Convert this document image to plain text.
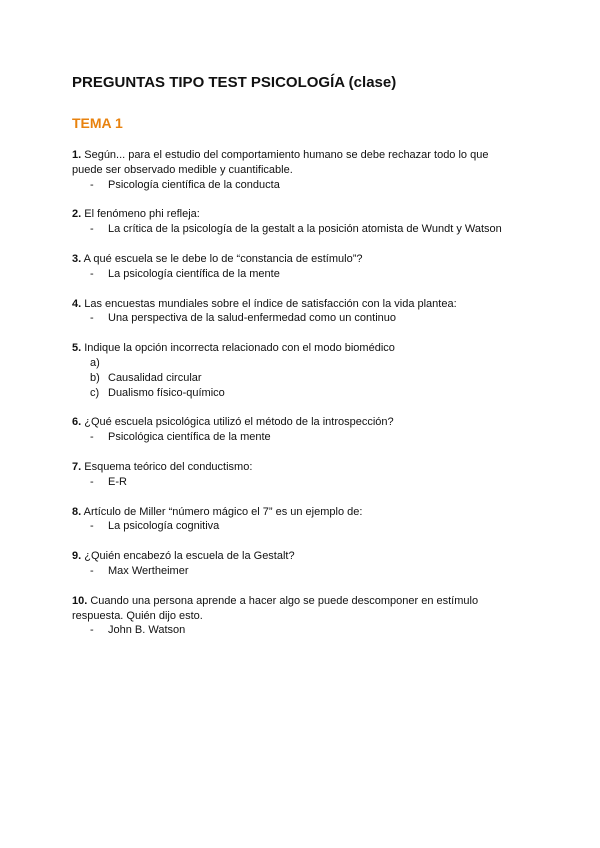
PREGUNTAS TIPO TEST PSICOLOGÍA (clase)
TEMA 1

1. Según... para el estudio del comportamiento humano se debe rechazar todo lo que puede ser observado medible y cuantificable.

- Psicología científica de la conducta

2. El fenómeno phi refleja:

- La crítica de la psicología de la gestalt a la posición atomista de Wundt y Watson

3. A qué escuela se le debe lo de “constancia de estímulo”?

- La psicología científica de la mente

4. Las encuestas mundiales sobre el índice de satisfacción con la vida plantea:

- Una perspectiva de la salud-enfermedad como un continuo

5. Indique la opción incorrecta relacionado con el modo biomédico

a)
b) Causalidad circular
c) Dualismo físico-químico

6. ¿Qué escuela psicológica utilizó el método de la introspección?

- Psicológica científica de la mente

7. Esquema teórico del conductismo:

- E-R

8. Artículo de Miller “número mágico el 7” es un ejemplo de:

- La psicología cognitiva

9. ¿Quién encabezó la escuela de la Gestalt?

- Max Wertheimer

10. Cuando una persona aprende a hacer algo se puede descomponer en estímulo respuesta. Quién dijo esto.

- John B. Watson
